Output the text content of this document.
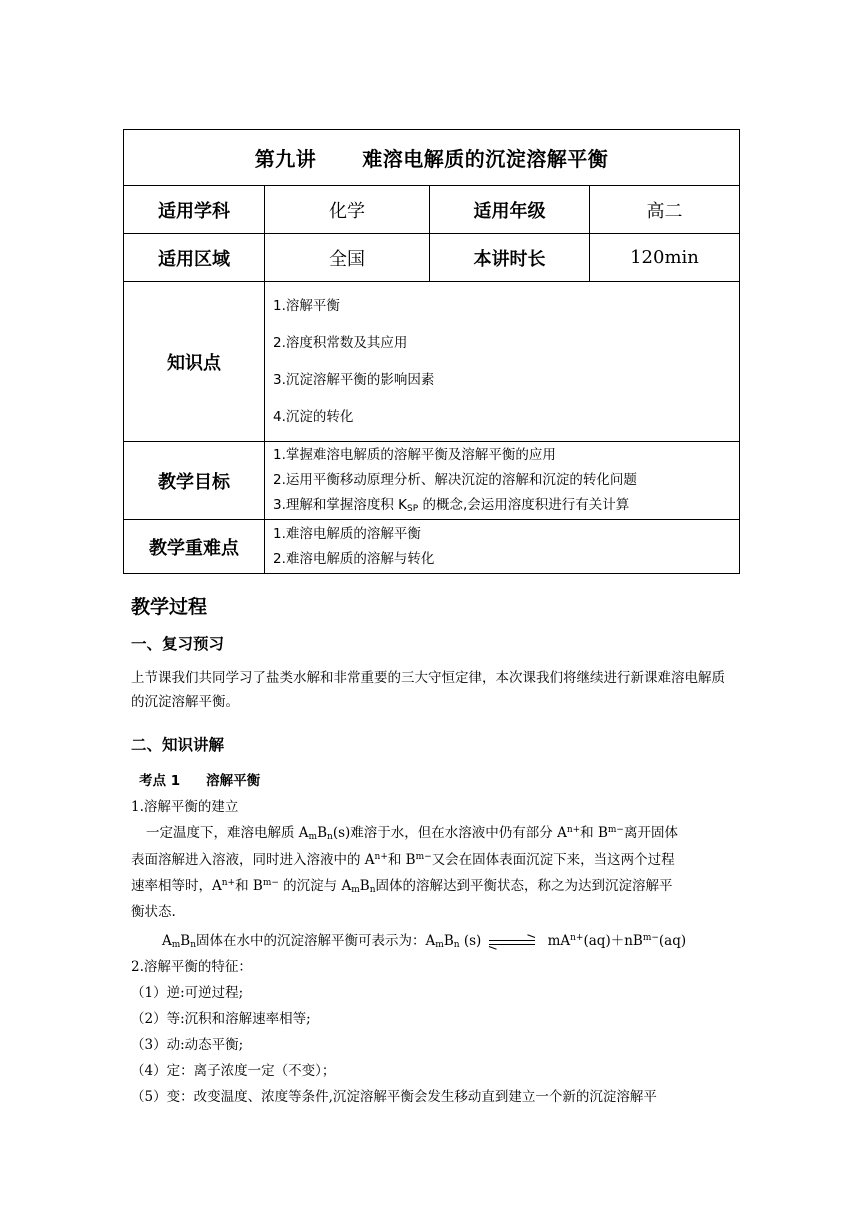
第九讲 难溶电解质的沉淀溶解平衡			
适用学科	化学	适用年级	高二
适用区域	全国	本讲时长	120min
知识点	1.溶解平衡
2.溶度积常数及其应用
3.沉淀溶解平衡的影响因素
4.沉淀的转化		

教学目标	1.掌握难溶电解质的溶解平衡及溶解平衡的应用
2.运用平衡移动原理分析、解决沉淀的溶解和沉淀的转化问题
3.理解和掌握溶度积 $K_{SP}$ 的概念,会运用溶度积进行有关计算		

教学重难点	1.难溶电解质的溶解平衡
2.难溶电解质的溶解与转化		
教学过程
一、复习预习
上节课我们共同学习了盐类水解和非常重要的三大守恒定律，本次课我们将继续进行新课难溶电解质的沉淀溶解平衡。
二、知识讲解
考点 1 溶解平衡
1.溶解平衡的建立
一定温度下，难溶电解质 $A_mB_n(s)$难溶于水，但在水溶液中仍有部分 $A^{n+}$和 $B^{m-}$离开固体
表面溶解进入溶液，同时进入溶液中的 $A^{n+}$和 $B^{m-}$又会在固体表面沉淀下来，当这两个过程
速率相等时，$A^{n+}$和 $B^{m-}$ 的沉淀与 $A_mB_n$固体的溶解达到平衡状态，称之为达到沉淀溶解平
衡状态.
$A_mB_n$固体在水中的沉淀溶解平衡可表示为：$A_mB_n$ (s) ⇌ $mA^{n+}(aq)+nB^{m-}(aq)$
2.溶解平衡的特征：
（1）逆:可逆过程;
（2）等:沉积和溶解速率相等;
（3）动:动态平衡;
（4）定：离子浓度一定（不变）；
（5）变：改变温度、浓度等条件,沉淀溶解平衡会发生移动直到建立一个新的沉淀溶解平
